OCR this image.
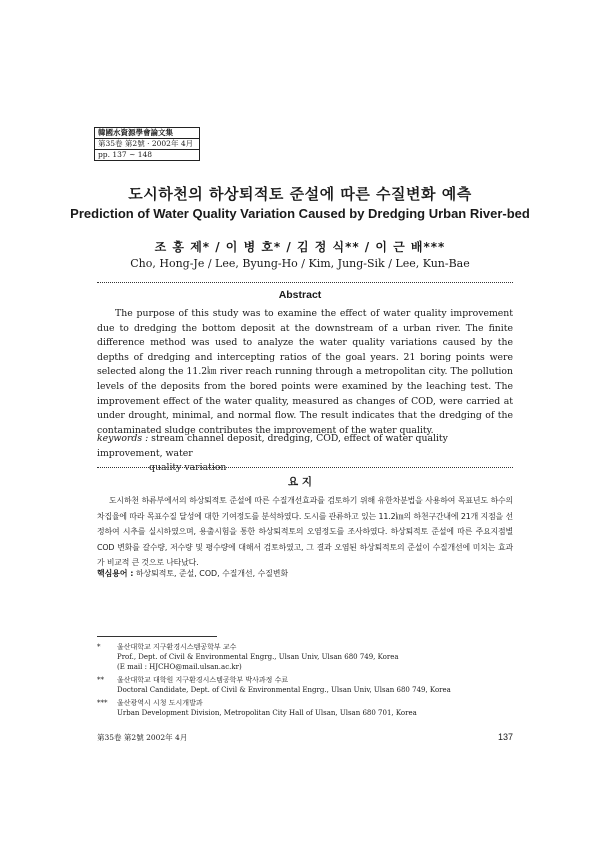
韓國水資源學會論文集
第35卷 第2號 · 2002年 4月
pp. 137 ~ 148
도시하천의 하상퇴적토 준설에 따른 수질변화 예측
Prediction of Water Quality Variation Caused by Dredging Urban River-bed
조 홍 제* / 이 병 호* / 김 정 식** / 이 근 배***
Cho, Hong-Je / Lee, Byung-Ho / Kim, Jung-Sik / Lee, Kun-Bae
Abstract

The purpose of this study was to examine the effect of water quality improvement due to dredging the bottom deposit at the downstream of a urban river. The finite difference method was used to analyze the water quality variations caused by the depths of dredging and intercepting ratios of the goal years. 21 boring points were selected along the 11.2㎞ river reach running through a metropolitan city. The pollution levels of the deposits from the bored points were examined by the leaching test. The improvement effect of the water quality, measured as changes of COD, were carried at under drought, minimal, and normal flow. The result indicates that the dredging of the contaminated sludge contributes the improvement of the water quality.

keywords : stream channel deposit, dredging, COD, effect of water quality improvement, water
quality variation
요 지

도시하천 하류부에서의 하상퇴적토 준설에 따른 수질개선효과를 검토하기 위해 유한차분법을 사용하여 목표년도 하수의 차집율에 따라 목표수질 달성에 대한 기여정도를 분석하였다. 도시를 관류하고 있는 11.2㎞의 하천구간내에 21개 지점을 선정하여 시추를 실시하였으며, 용출시험을 통한 하상퇴적토의 오염정도를 조사하였다. 하상퇴적토 준설에 따른 주요지점별 COD 변화를 갈수량, 저수량 및 평수량에 대해서 검토하였고, 그 결과 오염된 하상퇴적토의 준설이 수질개선에 미치는 효과가 비교적 큰 것으로 나타났다.

핵심용어 : 하상퇴적토, 준설, COD, 수질개선, 수질변화
* 울산대학교 지구환경시스템공학부 교수
Prof., Dept. of Civil & Environmental Engrg., Ulsan Univ, Ulsan 680 749, Korea
(E mail : HJCHO@mail.ulsan.ac.kr)
** 울산대학교 대학원 지구환경시스템공학부 박사과정 수료
Doctoral Candidate, Dept. of Civil & Environmental Engrg., Ulsan Univ, Ulsan 680 749, Korea
*** 울산광역시 시청 도시개발과
Urban Development Division, Metropolitan City Hall of Ulsan, Ulsan 680 701, Korea
第35卷 第2號 2002年 4月	137
